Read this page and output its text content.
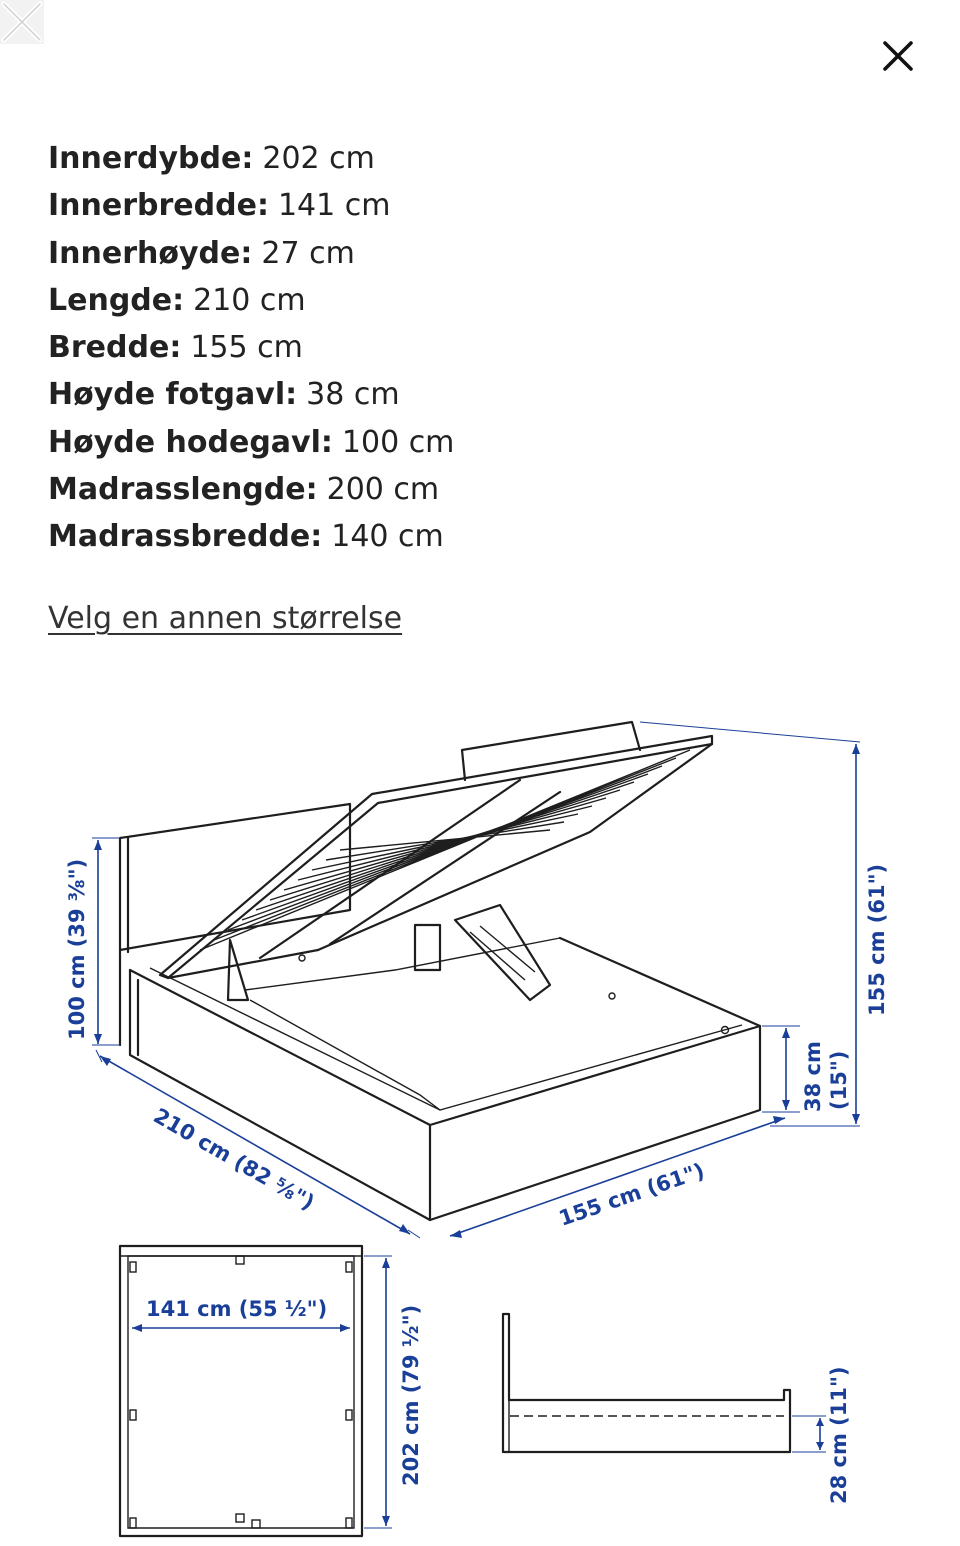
Innerdybde : 202 cm
Innerbredde : 141 cm
Innerhøyde : 27 cm
Lengde : 210 cm
Bredde : 155 cm
Høyde fotgavl : 38 cm
Høyde hodegavl : 100 cm
Madrasslengde : 200 cm
Madrassbredde : 140 cm
Velg en annen størrelse
100 cm (39 ⅜")	155 cm (61")
38 cm (15")
210 cm (82 ⅝")	155 cm (61")
141 cm (55 ½")	202 cm (79 ½")	28 cm (11")
